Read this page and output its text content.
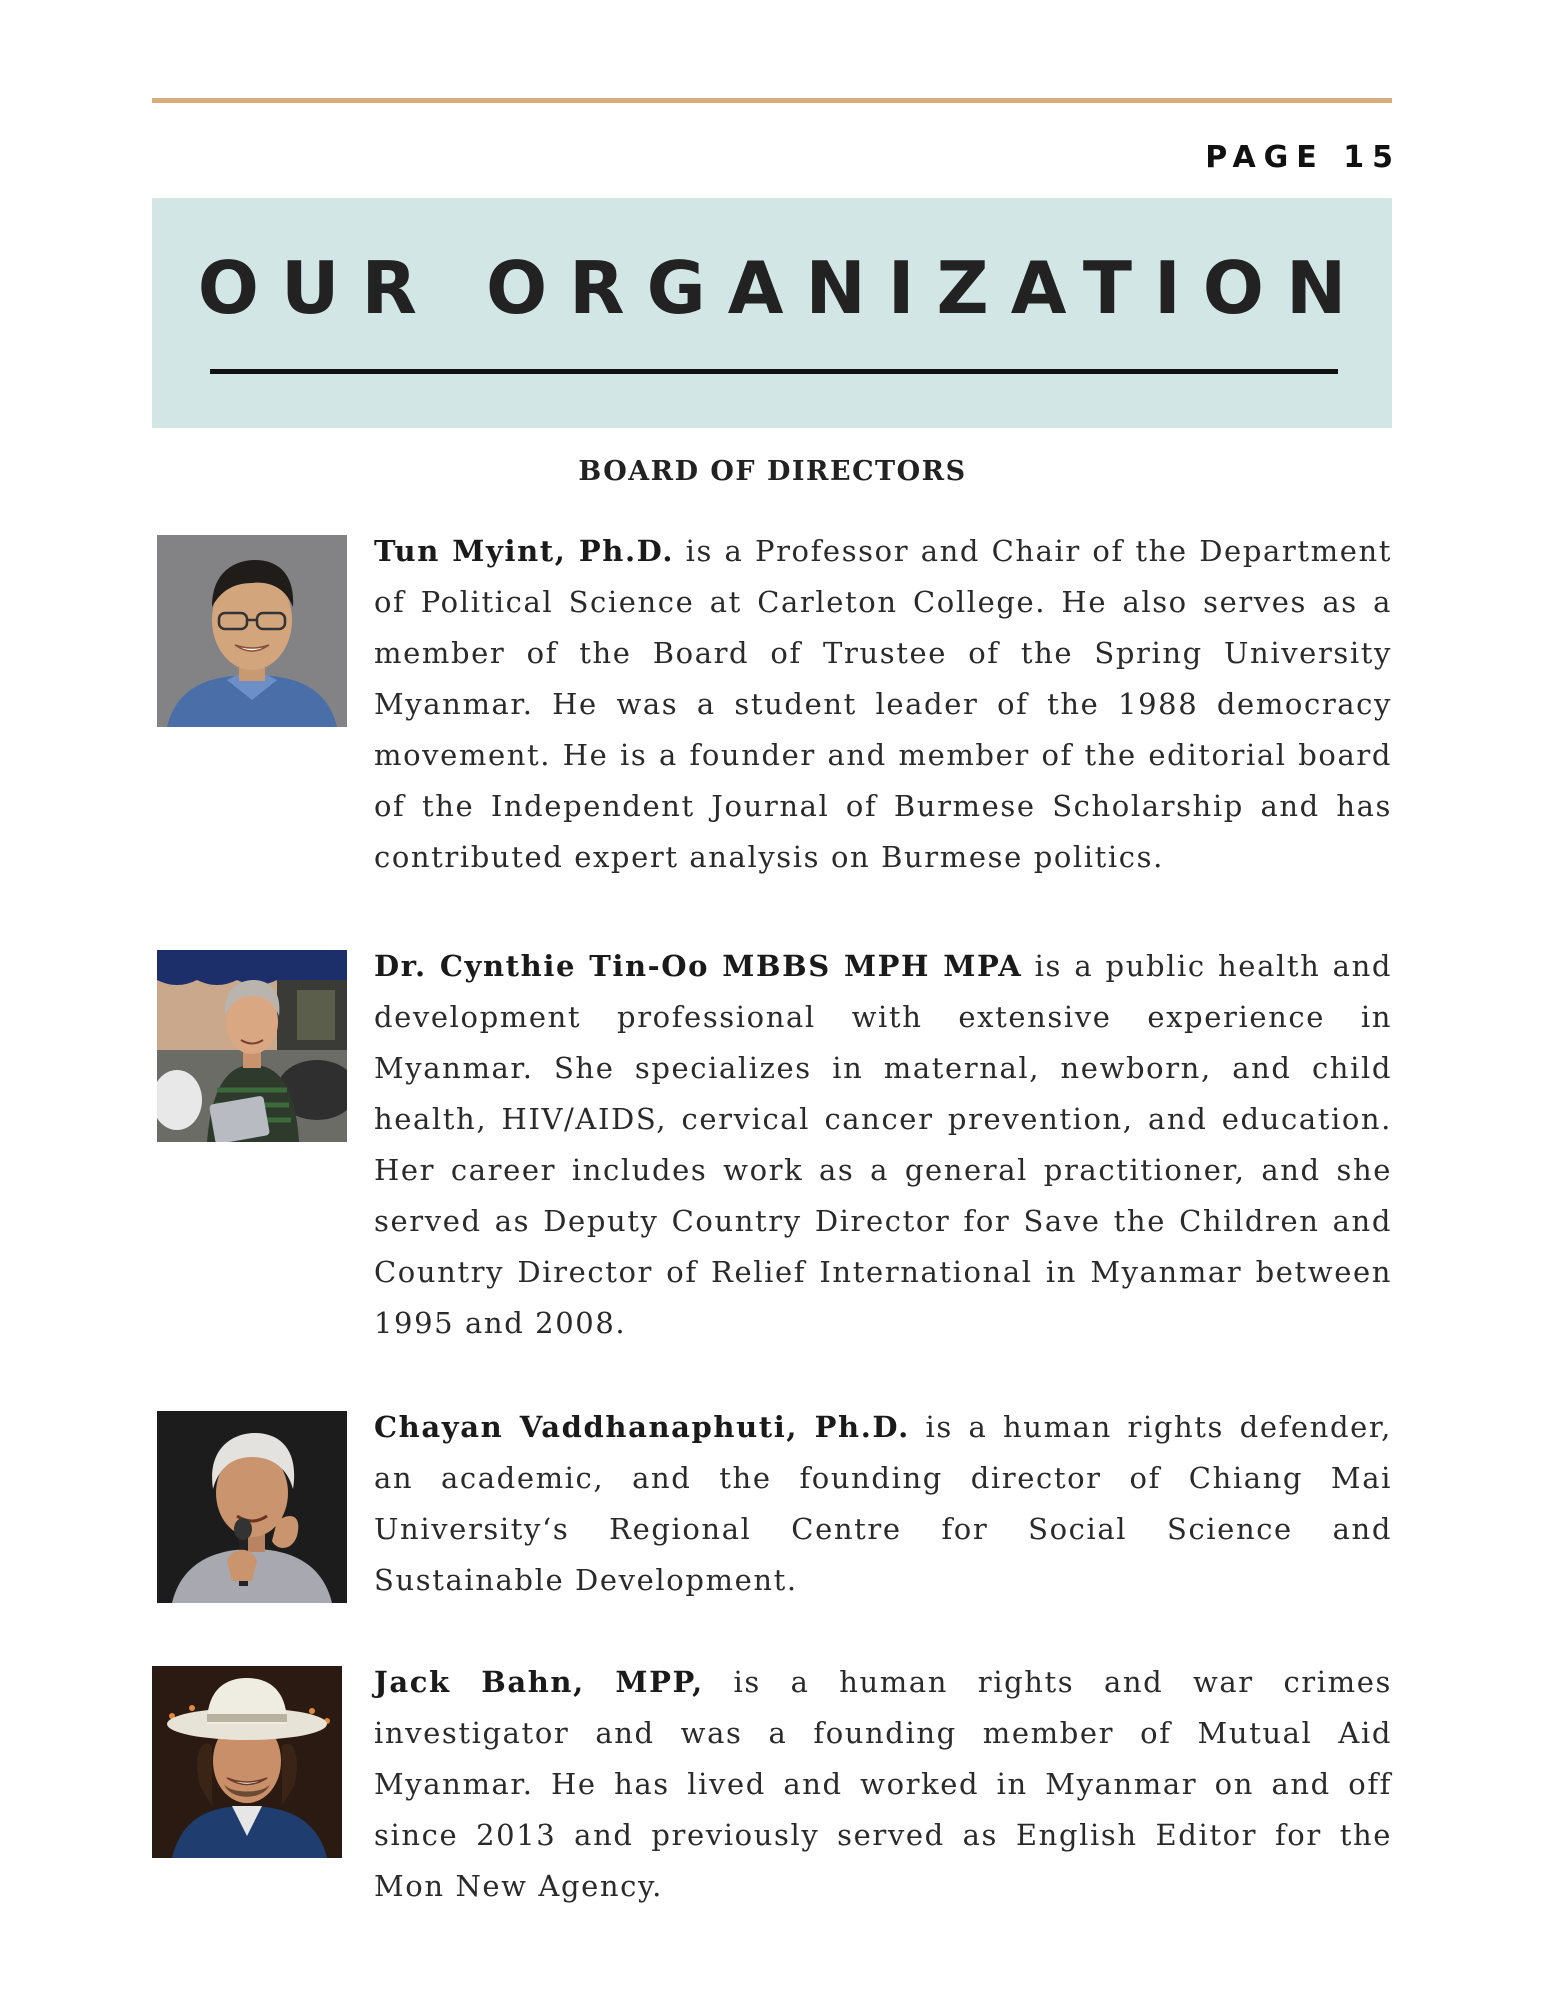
PAGE 15
OUR ORGANIZATION
BOARD OF DIRECTORS

Tun Myint, Ph.D. is a Professor and Chair of the Department of Political Science at Carleton College. He also serves as a member of the Board of Trustee of the Spring University Myanmar. He was a student leader of the 1988 democracy movement. He is a founder and member of the editorial board of the Independent Journal of Burmese Scholarship and has contributed expert analysis on Burmese politics.

Dr. Cynthie Tin-Oo MBBS MPH MPA is a public health and development professional with extensive experience in Myanmar. She specializes in maternal, newborn, and child health, HIV/AIDS, cervical cancer prevention, and education. Her career includes work as a general practitioner, and she served as Deputy Country Director for Save the Children and Country Director of Relief International in Myanmar between 1995 and 2008.

Chayan Vaddhanaphuti, Ph.D. is a human rights defender, an academic, and the founding director of Chiang Mai University‘s Regional Centre for Social Science and Sustainable Development.

Jack Bahn, MPP, is a human rights and war crimes investigator and was a founding member of Mutual Aid Myanmar. He has lived and worked in Myanmar on and off since 2013 and previously served as English Editor for the Mon New Agency.
